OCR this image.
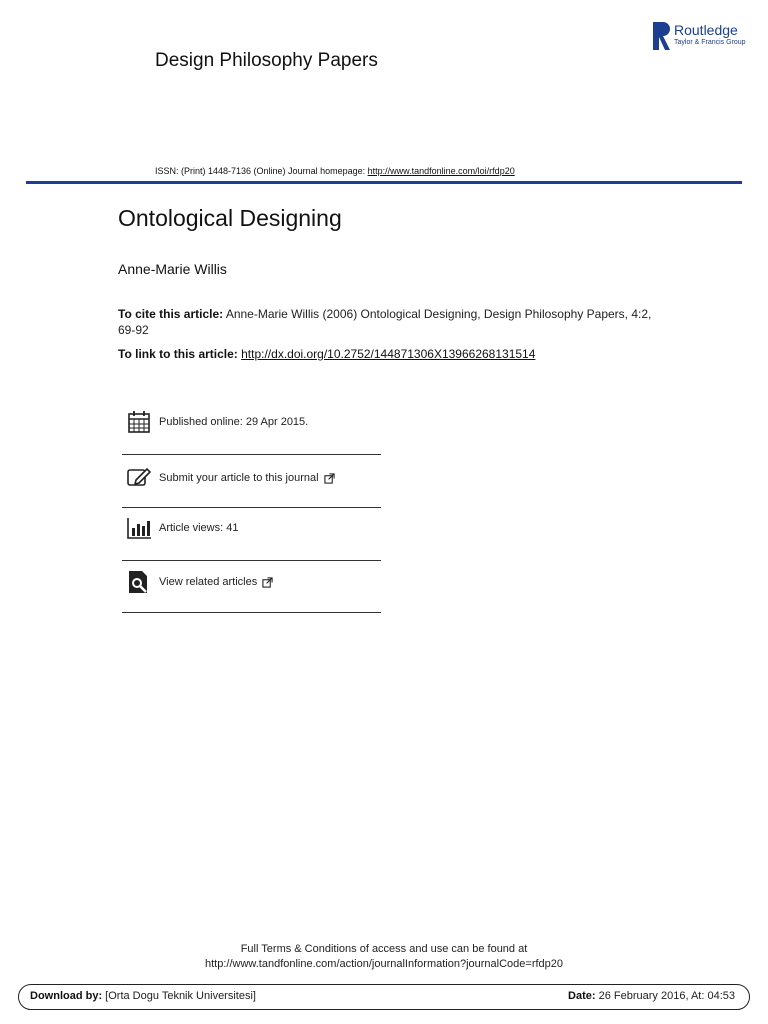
Design Philosophy Papers
Routledge
Taylor & Francis Group
ISSN: (Print) 1448-7136 (Online) Journal homepage: http://www.tandfonline.com/loi/rfdp20
Ontological Designing
Anne-Marie Willis
To cite this article: Anne-Marie Willis (2006) Ontological Designing, Design Philosophy Papers, 4:2, 69-92
To link to this article: http://dx.doi.org/10.2752/144871306X13966268131514
Published online: 29 Apr 2015.
Submit your article to this journal
Article views: 41
View related articles
Full Terms & Conditions of access and use can be found at
http://www.tandfonline.com/action/journalInformation?journalCode=rfdp20
Download by: [Orta Dogu Teknik Universitesi]	Date: 26 February 2016, At: 04:53
